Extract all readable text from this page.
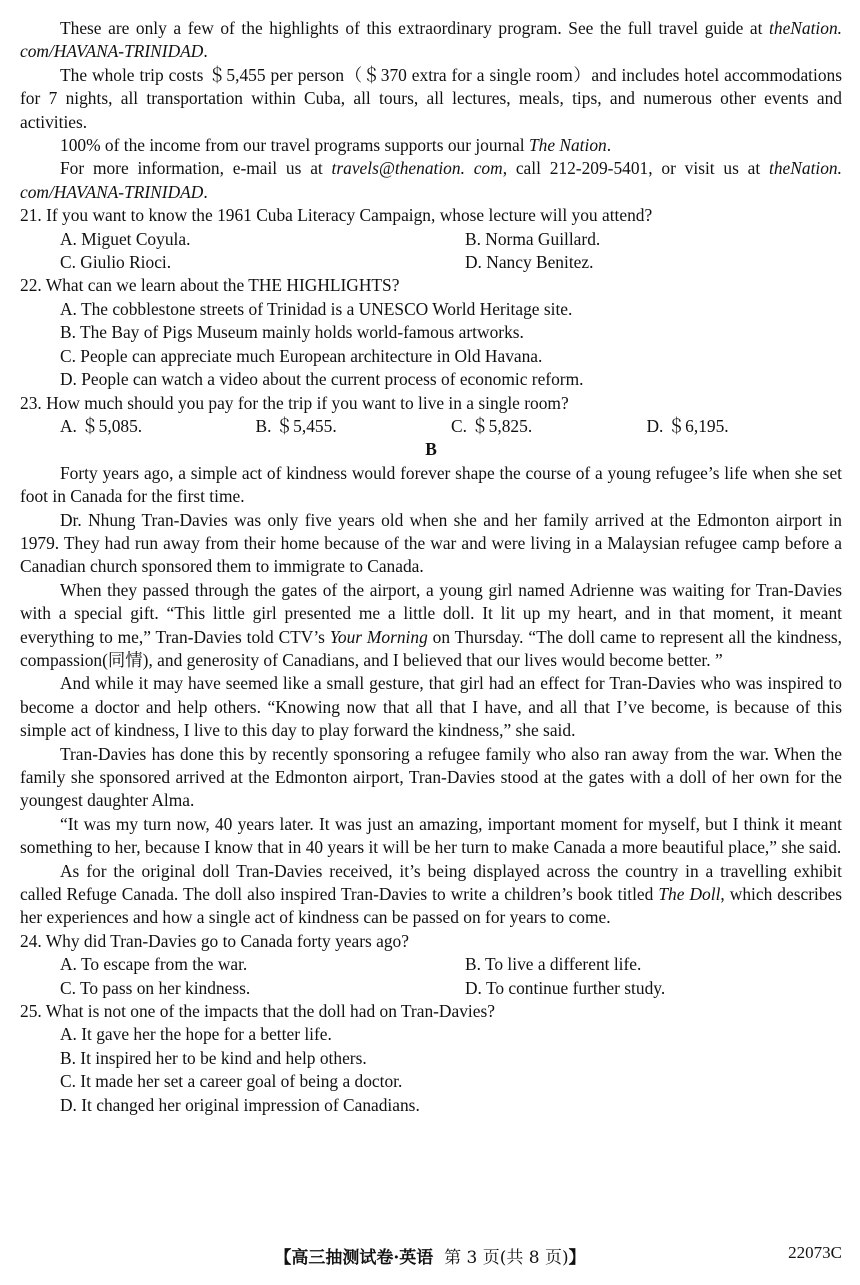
These are only a few of the highlights of this extraordinary program. See the full travel guide at theNation. com/HAVANA-TRINIDAD.

The whole trip costs ＄5,455 per person（＄370 extra for a single room）and includes hotel accommodations for 7 nights, all transportation within Cuba, all tours, all lectures, meals, tips, and numerous other events and activities.

100% of the income from our travel programs supports our journal The Nation.

For more information, e-mail us at travels@thenation. com, call 212-209-5401, or visit us at theNation. com/HAVANA-TRINIDAD.

21. If you want to know the 1961 Cuba Literacy Campaign, whose lecture will you attend?

A. Miguet Coyula.	B. Norma Guillard.
C. Giulio Rioci.	D. Nancy Benitez.

22. What can we learn about the THE HIGHLIGHTS?

A. The cobblestone streets of Trinidad is a UNESCO World Heritage site.

B. The Bay of Pigs Museum mainly holds world-famous artworks.

C. People can appreciate much European architecture in Old Havana.

D. People can watch a video about the current process of economic reform.

23. How much should you pay for the trip if you want to live in a single room?

A. ＄5,085.	B. ＄5,455.	C. ＄5,825.	D. ＄6,195.

B

Forty years ago, a simple act of kindness would forever shape the course of a young refugee’s life when she set foot in Canada for the first time.

Dr. Nhung Tran-Davies was only five years old when she and her family arrived at the Edmonton airport in 1979. They had run away from their home because of the war and were living in a Malaysian refugee camp before a Canadian church sponsored them to immigrate to Canada.

When they passed through the gates of the airport, a young girl named Adrienne was waiting for Tran-Davies with a special gift. “This little girl presented me a little doll. It lit up my heart, and in that moment, it meant everything to me,” Tran-Davies told CTV’s Your Morning on Thursday. “The doll came to represent all the kindness, compassion(同情), and generosity of Canadians, and I believed that our lives would become better. ”

And while it may have seemed like a small gesture, that girl had an effect for Tran-Davies who was inspired to become a doctor and help others. “Knowing now that all that I have, and all that I’ve become, is because of this simple act of kindness, I live to this day to play forward the kindness,” she said.

Tran-Davies has done this by recently sponsoring a refugee family who also ran away from the war. When the family she sponsored arrived at the Edmonton airport, Tran-Davies stood at the gates with a doll of her own for the youngest daughter Alma.

“It was my turn now, 40 years later. It was just an amazing, important moment for myself, but I think it meant something to her, because I know that in 40 years it will be her turn to make Canada a more beautiful place,” she said.

As for the original doll Tran-Davies received, it’s being displayed across the country in a travelling exhibit called Refuge Canada. The doll also inspired Tran-Davies to write a children’s book titled The Doll, which describes her experiences and how a single act of kindness can be passed on for years to come.

24. Why did Tran-Davies go to Canada forty years ago?

A. To escape from the war.	B. To live a different life.
C. To pass on her kindness.	D. To continue further study.

25. What is not one of the impacts that the doll had on Tran-Davies?

A. It gave her the hope for a better life.

B. It inspired her to be kind and help others.

C. It made her set a career goal of being a doctor.

D. It changed her original impression of Canadians.

【高三抽测试卷·英语 第 3 页(共 8 页)】	22073C
